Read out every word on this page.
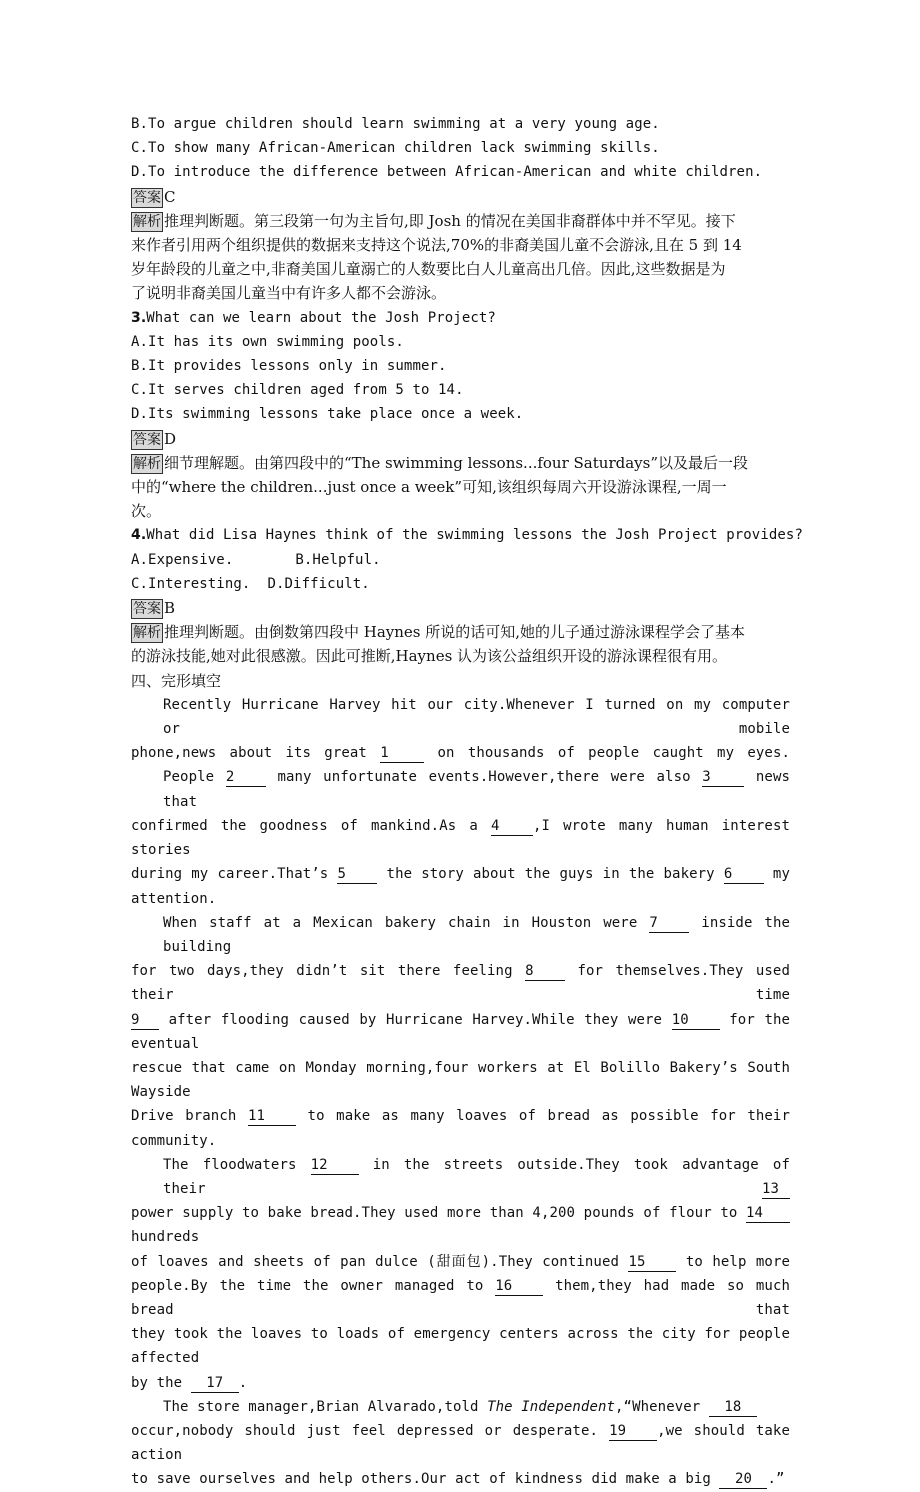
B.To argue children should learn swimming at a very young age.
C.To show many African-American children lack swimming skills.
D.To introduce the difference between African-American and white children.
答案 C
解析 推理判断题。第三段第一句为主旨句,即 Josh 的情况在美国非裔群体中并不罕见。接下
来作者引用两个组织提供的数据来支持这个说法,70%的非裔美国儿童不会游泳,且在 5 到 14
岁年龄段的儿童之中,非裔美国儿童溺亡的人数要比白人儿童高出几倍。因此,这些数据是为
了说明非裔美国儿童当中有许多人都不会游泳。
3.What can we learn about the Josh Project?
A.It has its own swimming pools.
B.It provides lessons only in summer.
C.It serves children aged from 5 to 14.
D.Its swimming lessons take place once a week.
答案 D
解析 细节理解题。由第四段中的“The swimming lessons...four Saturdays”以及最后一段
中的“where the children...just once a week”可知,该组织每周六开设游泳课程,一周一
次。
4.What did Lisa Haynes think of the swimming lessons the Josh Project provides?
A.Expensive.	B.Helpful.
C.Interesting. D.Difficult.
答案 B
解析 推理判断题。由倒数第四段中 Haynes 所说的话可知,她的儿子通过游泳课程学会了基本
的游泳技能,她对此很感激。因此可推断,Haynes 认为该公益组织开设的游泳课程很有用。
四、完形填空
Recently Hurricane Harvey hit our city.Whenever I turned on my computer or mobile
phone,news about its great 1	on thousands of people caught my eyes.
People 2	many unfortunate events.However,there were also 3	news that
confirmed the goodness of mankind.As a 4 ,I wrote many human interest stories
during my career.That’s 5	the story about the guys in the bakery 6	my
attention.
When staff at a Mexican bakery chain in Houston were 7	inside the building
for two days,they didn’t sit there feeling 8	for themselves.They used their time
9 after flooding caused by Hurricane Harvey.While they were 10	for the eventual
rescue that came on Monday morning,four workers at El Bolillo Bakery’s South Wayside
Drive branch 11	to make as many loaves of bread as possible for their community.
The floodwaters 12	in the streets outside.They took advantage of their	13
power supply to bake bread.They used more than 4,200 pounds of flour to 14 hundreds
of loaves and sheets of pan dulce (甜面包).They continued 15	to help more
people.By the time the owner managed to 16	them,they had made so much bread that
they took the loaves to loads of emergency centers across the city for people affected
by the 17 .
The store manager,Brian Alvarado,told The Independent,“Whenever 18
occur,nobody should just feel depressed or desperate. 19 ,we should take action
to save ourselves and help others.Our act of kindness did make a big 20 .”
